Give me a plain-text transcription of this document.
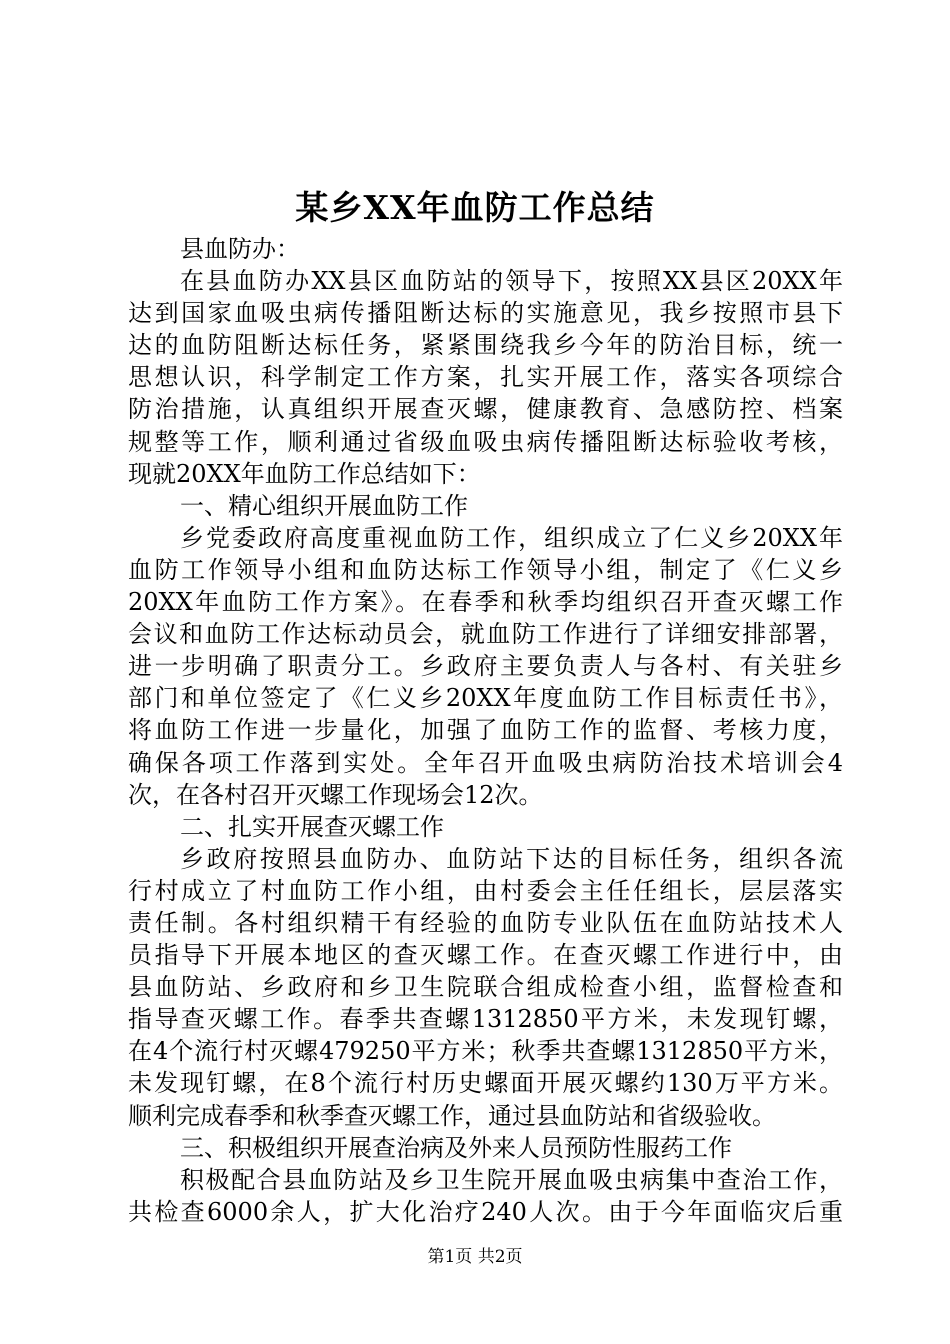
某乡XX年血防工作总结
县血防办：
在县血防办XX县区血防站的领导下，按照XX县区20XX年
达到国家血吸虫病传播阻断达标的实施意见，我乡按照市县下
达的血防阻断达标任务，紧紧围绕我乡今年的防治目标，统一
思想认识，科学制定工作方案，扎实开展工作，落实各项综合
防治措施，认真组织开展查灭螺，健康教育、急感防控、档案
规整等工作，顺利通过省级血吸虫病传播阻断达标验收考核，
现就20XX年血防工作总结如下：
一、精心组织开展血防工作
乡党委政府高度重视血防工作，组织成立了仁义乡20XX年
血防工作领导小组和血防达标工作领导小组，制定了《仁义乡
20XX年血防工作方案》。在春季和秋季均组织召开查灭螺工作
会议和血防工作达标动员会，就血防工作进行了详细安排部署，
进一步明确了职责分工。乡政府主要负责人与各村、有关驻乡
部门和单位签定了《仁义乡20XX年度血防工作目标责任书》，
将血防工作进一步量化，加强了血防工作的监督、考核力度，
确保各项工作落到实处。全年召开血吸虫病防治技术培训会4
次，在各村召开灭螺工作现场会12次。
二、扎实开展查灭螺工作
乡政府按照县血防办、血防站下达的目标任务，组织各流
行村成立了村血防工作小组，由村委会主任任组长，层层落实
责任制。各村组织精干有经验的血防专业队伍在血防站技术人
员指导下开展本地区的查灭螺工作。在查灭螺工作进行中，由
县血防站、乡政府和乡卫生院联合组成检查小组，监督检查和
指导查灭螺工作。春季共查螺1312850平方米，未发现钉螺，
在4个流行村灭螺479250平方米；秋季共查螺1312850平方米，
未发现钉螺，在8个流行村历史螺面开展灭螺约130万平方米。
顺利完成春季和秋季查灭螺工作，通过县血防站和省级验收。
三、积极组织开展查治病及外来人员预防性服药工作
积极配合县血防站及乡卫生院开展血吸虫病集中查治工作，
共检查6000余人，扩大化治疗240人次。由于今年面临灾后重
第1页 共2页
